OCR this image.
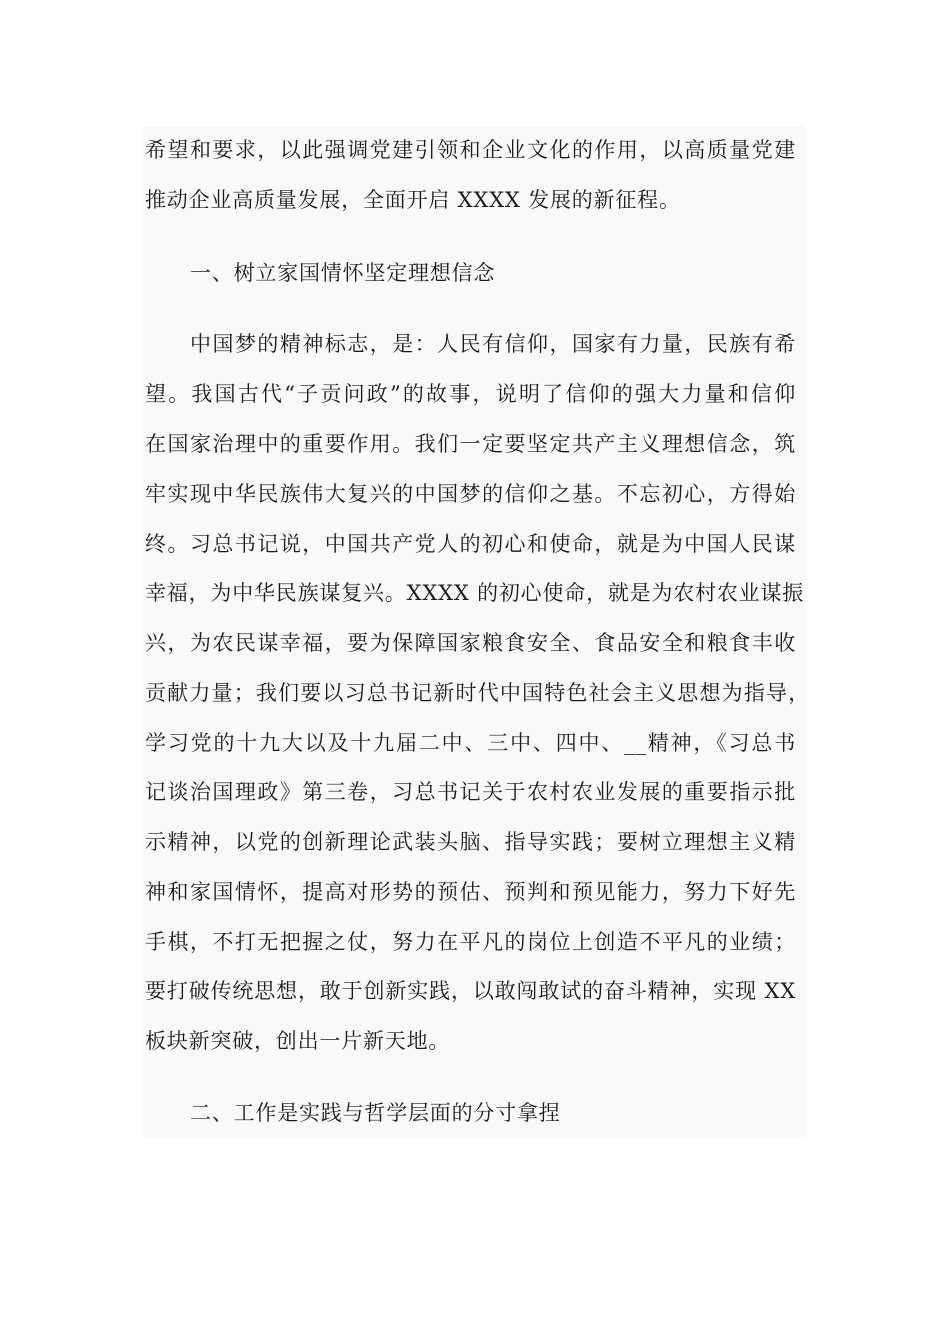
希望和要求，以此强调党建引领和企业文化的作用，以高质量党建
推动企业高质量发展，全面开启 XXXX 发展的新征程。
一、树立家国情怀坚定理想信念
中国梦的精神标志，是：人民有信仰，国家有力量，民族有希
望。我国古代“子贡问政”的故事，说明了信仰的强大力量和信仰
在国家治理中的重要作用。我们一定要坚定共产主义理想信念，筑
牢实现中华民族伟大复兴的中国梦的信仰之基。不忘初心，方得始
终。习总书记说，中国共产党人的初心和使命，就是为中国人民谋
幸福，为中华民族谋复兴。XXXX 的初心使命，就是为农村农业谋振
兴，为农民谋幸福，要为保障国家粮食安全、食品安全和粮食丰收
贡献力量；我们要以习总书记新时代中国特色社会主义思想为指导，
学习党的十九大以及十九届二中、三中、四中、__精神，《习总书
记谈治国理政》第三卷，习总书记关于农村农业发展的重要指示批
示精神，以党的创新理论武装头脑、指导实践；要树立理想主义精
神和家国情怀，提高对形势的预估、预判和预见能力，努力下好先
手棋，不打无把握之仗，努力在平凡的岗位上创造不平凡的业绩；
要打破传统思想，敢于创新实践，以敢闯敢试的奋斗精神，实现 XX
板块新突破，创出一片新天地。
二、工作是实践与哲学层面的分寸拿捏
